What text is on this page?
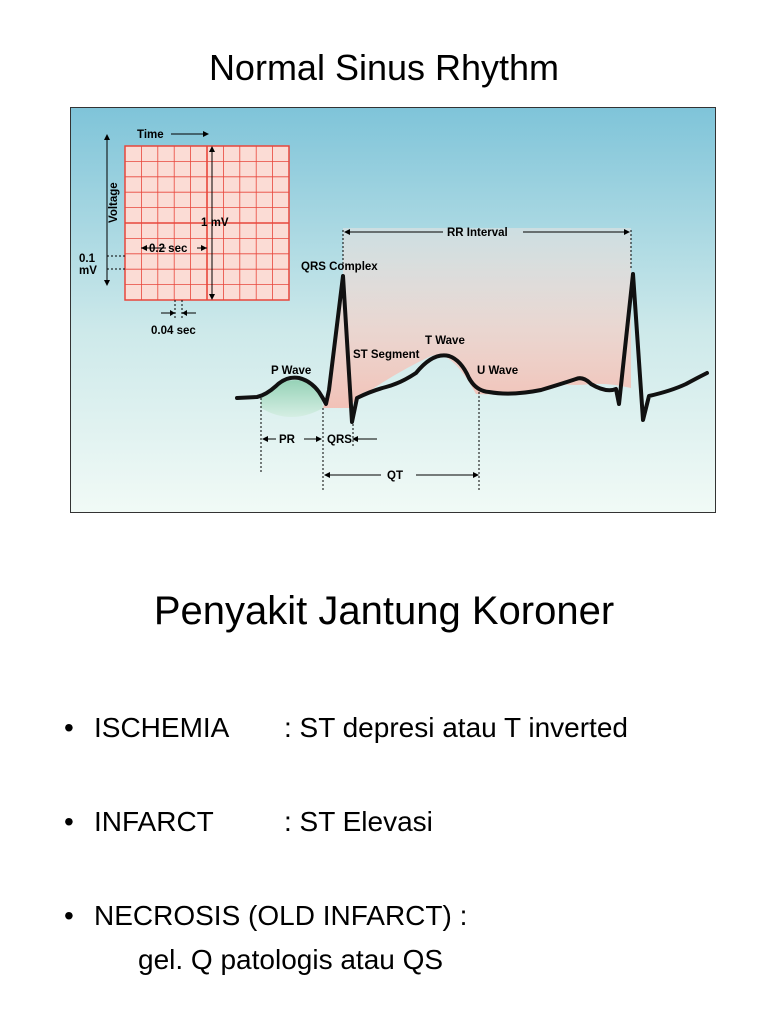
Normal Sinus Rhythm
Time
Voltage	1 mV
0.2 sec
0.1
mV
0.04 sec
RR Interval
QRS Complex
T Wave
ST Segment
P Wave	U Wave
PR	QRS
QT
Penyakit Jantung Koroner
• ISCHEMIA : ST depresi atau T inverted
• INFARCT	: ST Elevasi
• NECROSIS (OLD INFARCT) :
gel. Q patologis atau QS
